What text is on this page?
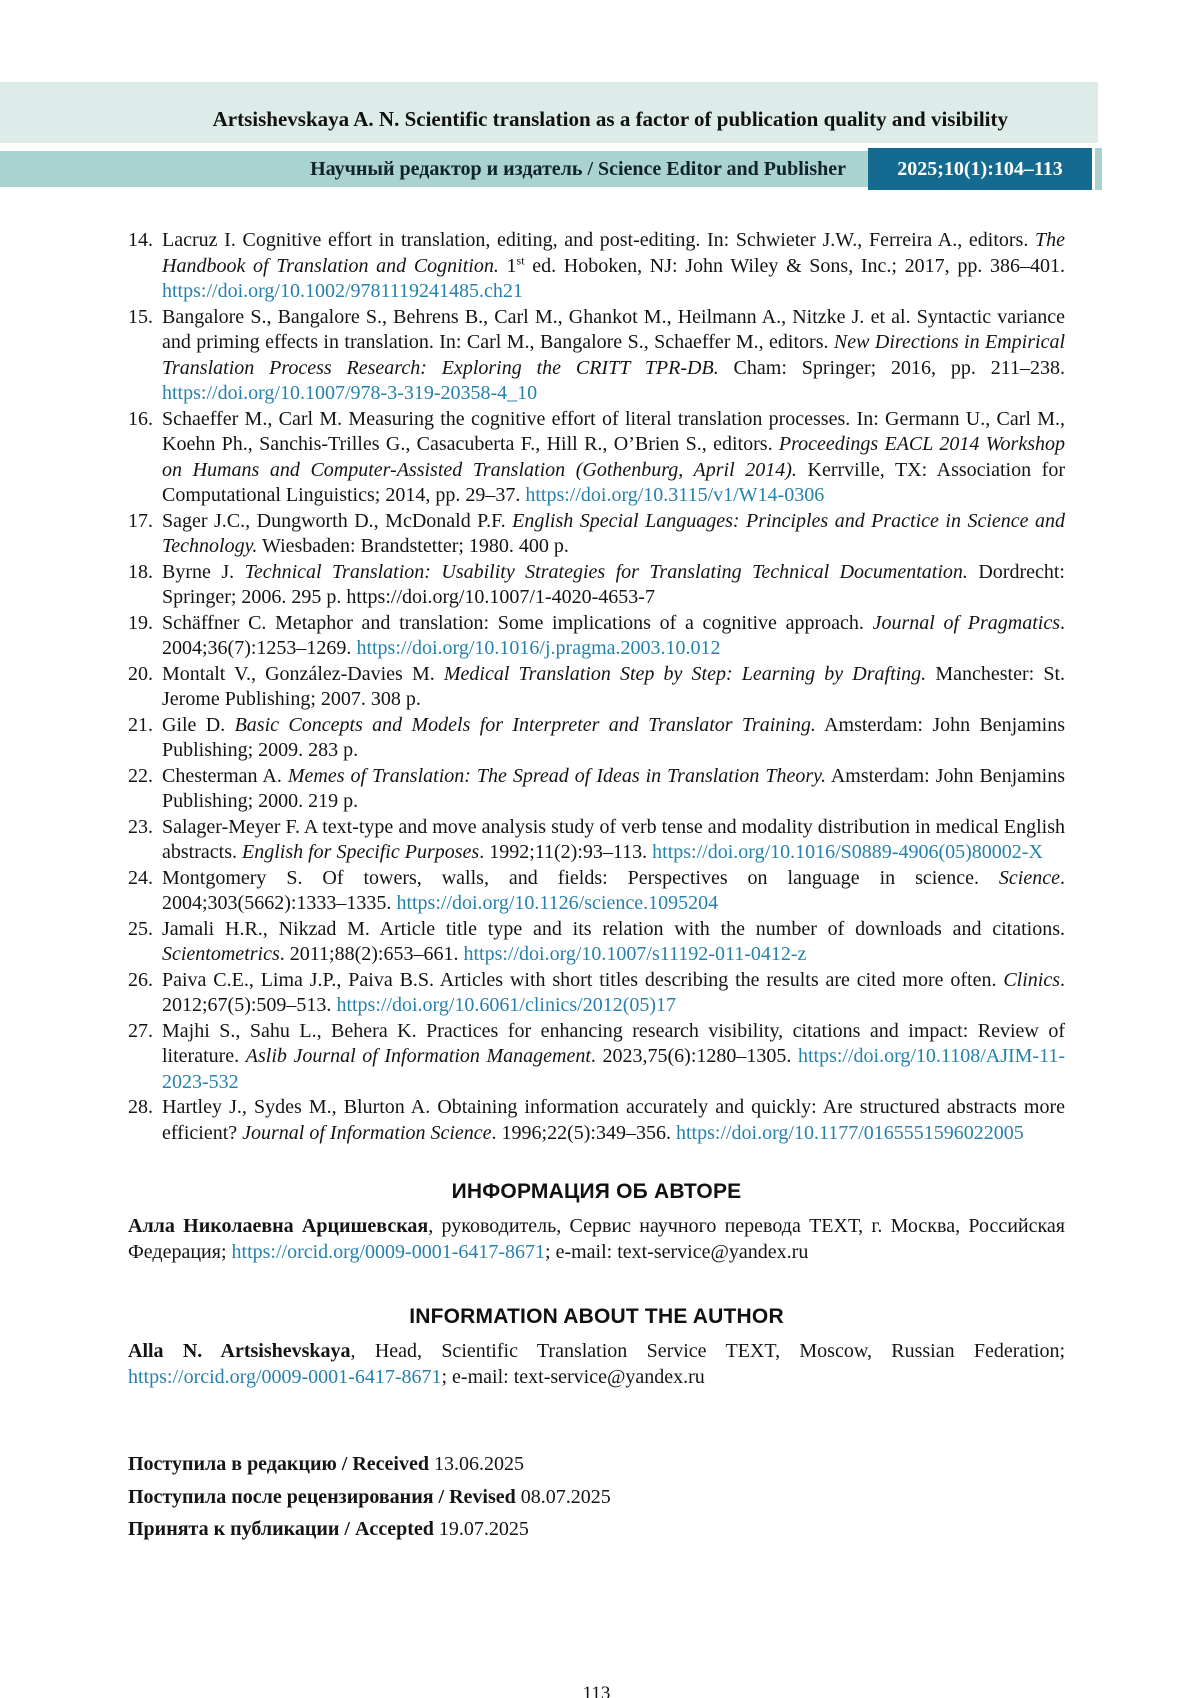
Artsishevskaya A. N. Scientific translation as a factor of publication quality and visibility
Научный редактор и издатель / Science Editor and Publisher	2025;10(1):104–113
14. Lacruz I. Cognitive effort in translation, editing, and post-editing. In: Schwieter J.W., Ferreira A., editors. The Handbook of Translation and Cognition. 1st ed. Hoboken, NJ: John Wiley & Sons, Inc.; 2017, pp. 386–401. https://doi.org/10.1002/9781119241485.ch21
15. Bangalore S., Bangalore S., Behrens B., Carl M., Ghankot M., Heilmann A., Nitzke J. et al. Syntactic variance and priming effects in translation. In: Carl M., Bangalore S., Schaeffer M., editors. New Directions in Empirical Translation Process Research: Exploring the CRITT TPR-DB. Cham: Springer; 2016, pp. 211–238. https://doi.org/10.1007/978-3-319-20358-4_10
16. Schaeffer M., Carl M. Measuring the cognitive effort of literal translation processes. In: Germann U., Carl M., Koehn Ph., Sanchis-Trilles G., Casacuberta F., Hill R., O’Brien S., editors. Proceedings EACL 2014 Workshop on Humans and Computer-Assisted Translation (Gothenburg, April 2014). Kerrville, TX: Association for Computational Linguistics; 2014, pp. 29–37. https://doi.org/10.3115/v1/W14-0306
17. Sager J.C., Dungworth D., McDonald P.F. English Special Languages: Principles and Practice in Science and Technology. Wiesbaden: Brandstetter; 1980. 400 p.
18. Byrne J. Technical Translation: Usability Strategies for Translating Technical Documentation. Dordrecht: Springer; 2006. 295 p. https://doi.org/10.1007/1-4020-4653-7
19. Schäffner C. Metaphor and translation: Some implications of a cognitive approach. Journal of Pragmatics. 2004;36(7):1253–1269. https://doi.org/10.1016/j.pragma.2003.10.012
20. Montalt V., González-Davies M. Medical Translation Step by Step: Learning by Drafting. Manchester: St. Jerome Publishing; 2007. 308 p.
21. Gile D. Basic Concepts and Models for Interpreter and Translator Training. Amsterdam: John Benjamins Publishing; 2009. 283 p.
22. Chesterman A. Memes of Translation: The Spread of Ideas in Translation Theory. Amsterdam: John Benjamins Publishing; 2000. 219 p.
23. Salager-Meyer F. A text-type and move analysis study of verb tense and modality distribution in medical English abstracts. English for Specific Purposes. 1992;11(2):93–113. https://doi.org/10.1016/S0889-4906(05)80002-X
24. Montgomery S. Of towers, walls, and fields: Perspectives on language in science. Science. 2004;303(5662):1333–1335. https://doi.org/10.1126/science.1095204
25. Jamali H.R., Nikzad M. Article title type and its relation with the number of downloads and citations. Scientometrics. 2011;88(2):653–661. https://doi.org/10.1007/s11192-011-0412-z
26. Paiva C.E., Lima J.P., Paiva B.S. Articles with short titles describing the results are cited more often. Clinics. 2012;67(5):509–513. https://doi.org/10.6061/clinics/2012(05)17
27. Majhi S., Sahu L., Behera K. Practices for enhancing research visibility, citations and impact: Review of literature. Aslib Journal of Information Management. 2023,75(6):1280–1305. https://doi.org/10.1108/AJIM-11-2023-532
28. Hartley J., Sydes M., Blurton A. Obtaining information accurately and quickly: Are structured abstracts more efficient? Journal of Information Science. 1996;22(5):349–356. https://doi.org/10.1177/0165551596022005
ИНФОРМАЦИЯ ОБ АВТОРЕ

Алла Николаевна Арцишевская, руководитель, Сервис научного перевода ТЕХТ, г. Москва, Российская Федерация; https://orcid.org/0009-0001-6417-8671; e-mail: text-service@yandex.ru

INFORMATION ABOUT THE AUTHOR

Alla N. Artsishevskaya, Head, Scientific Translation Service TEXT, Moscow, Russian Federation; https://orcid.org/0009-0001-6417-8671; e-mail: text-service@yandex.ru

Поступила в редакцию / Received 13.06.2025
Поступила после рецензирования / Revised 08.07.2025
Принята к публикации / Accepted 19.07.2025
113
